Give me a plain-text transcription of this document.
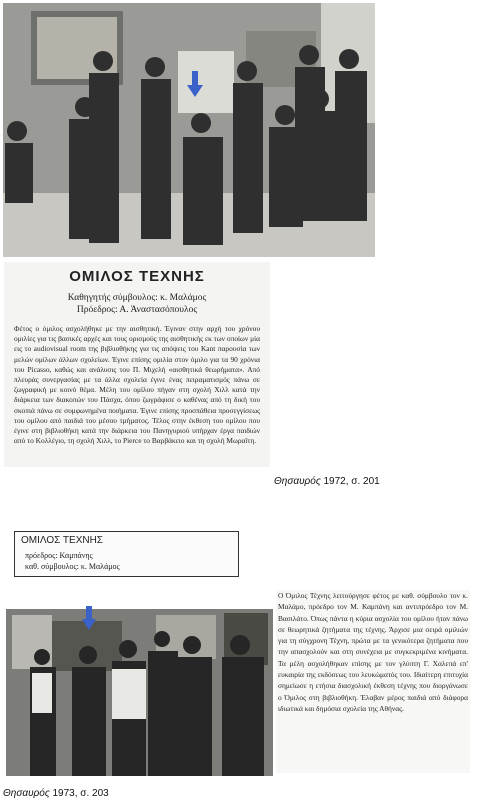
ΟΜΙΛΟΣ ΤΕΧΝΗΣ
Καθηγητής σύμβουλος: κ. Μαλάμος
Πρόεδρος: Α. Άναστασόπουλος
Φέτος ο όμιλος ασχολήθηκε με την αισθητική. Έγιναν στην αρχή του χρόνου ομιλίες για τις βασικές αρχές και τους ορισμούς της αισθητικής εκ των οποίων μία εις το audiovisual room της βιβλιοθήκης για τις απόψεις του Kant παρουσία των μελών ομίλων άλλων σχολείων. Έγινε επίσης ομιλία στον όμιλο για τα 90 χρόνια του Picasso, καθώς και ανάλυσις του Π. Μιχελή «αισθητικά θεωρήματα». Από πλευράς συνεργασίας με τα άλλα σχολεία έγινε ένας πειραματισμός πάνω σε ζωγραφική με κοινό θέμα. Μέλη του ομίλου πήγαν στη σχολή Χιλλ κατά την διάρκεια των διακοπών του Πάσχα, όπου ζωγράφισε ο καθένας από τη δική του σκοπιά πάνω σε συμφωνημένα ποιήματα. Έγινε επίσης προσπάθεια προσεγγίσεως του ομίλου από παιδιά του μέσου τμήματος. Τέλος στην έκθεση του ομίλου που έγινε στη βιβλιοθήκη κατά την διάρκεια του Πανηγυριού υπήρχαν έργα παιδιών από το Κολλέγιο, τη σχολή Χιλλ, το Pierce το Βαρβάκειο και τη σχολή Μωραΐτη.
Θησαυρός 1972, σ. 201
ΟΜΙΛΟΣ ΤΕΧΝΗΣ
πρόεδρος: Καμπάνης
καθ. σύμβουλος: κ. Μαλάμος
Ο Όμιλος Τέχνης λειτούργησε φέτος με καθ. σύμβουλο τον κ. Μαλάμο, πρόεδρο τον Μ. Καμπάνη και αντιπρόεδρο τον Μ. Βασιλάτο. Όπως πάντα η κύρια ασχολία του ομίλου ήταν πάνω σε θεωρητικά ζητήματα της τέχνης. Άρχισε μια σειρά ομιλιών για τη σύγχρονη Τέχνη, πρώτα με τα γενικότερα ζητήματα που την απασχολούν και στη συνέχεια με συγκεκριμένα κινήματα. Τα μέλη ασχολήθηκαν επίσης με τον γλύπτη Γ. Χαλεπά επ' ευκαιρία της εκδόσεως του λευκώματός του. Ιδιαίτερη επιτυχία σημείωσε η ετήσια διασχολική έκθεση τέχνης που διοργάνωσε ο Όμιλος στη βιβλιοθήκη. Έλαβαν μέρος παιδιά από διάφορα ιδιωτικά και δημόσια σχολεία της Αθήνας.
Θησαυρός 1973, σ. 203
